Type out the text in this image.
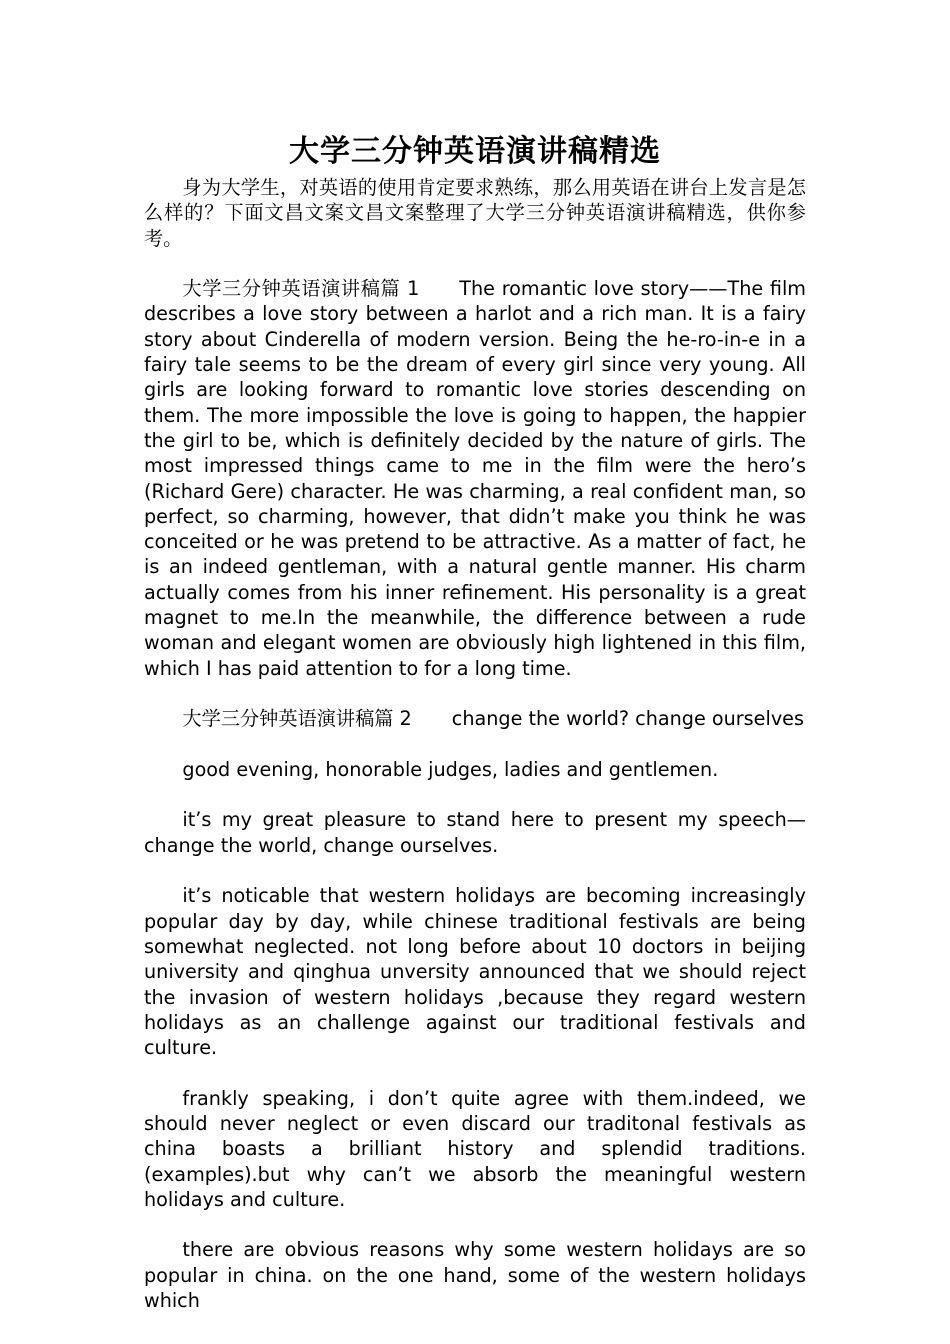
大学三分钟英语演讲稿精选

身为大学生，对英语的使用肯定要求熟练，那么用英语在讲台上发言是怎么样的？下面文昌文案文昌文案整理了大学三分钟英语演讲稿精选，供你参考。

大学三分钟英语演讲稿篇 1 The romantic love story——The film describes a love story between a harlot and a rich man. It is a fairy story about Cinderella of modern version. Being the he-ro-in-e in a fairy tale seems to be the dream of every girl since very young. All girls are looking forward to romantic love stories descending on them. The more impossible the love is going to happen, the happier the girl to be, which is definitely decided by the nature of girls. The most impressed things came to me in the film were the hero’s (Richard Gere) character. He was charming, a real confident man, so perfect, so charming, however, that didn’t make you think he was conceited or he was pretend to be attractive. As a matter of fact, he is an indeed gentleman, with a natural gentle manner. His charm actually comes from his inner refinement. His personality is a great magnet to me.In the meanwhile, the difference between a rude woman and elegant women are obviously high lightened in this film, which I has paid attention to for a long time.

大学三分钟英语演讲稿篇 2 change the world? change ourselves

good evening, honorable judges, ladies and gentlemen.

it’s my great pleasure to stand here to present my speech—change the world, change ourselves.

it’s noticable that western holidays are becoming increasingly popular day by day, while chinese traditional festivals are being somewhat neglected. not long before about 10 doctors in beijing university and qinghua unversity announced that we should reject the invasion of western holidays ,because they regard western holidays as an challenge against our traditional festivals and culture.

frankly speaking, i don’t quite agree with them.indeed, we should never neglect or even discard our traditonal festivals as china boasts a brilliant history and splendid traditions. (examples).but why can’t we absorb the meaningful western holidays and culture.

there are obvious reasons why some western holidays are so popular in china. on the one hand, some of the western holidays which
